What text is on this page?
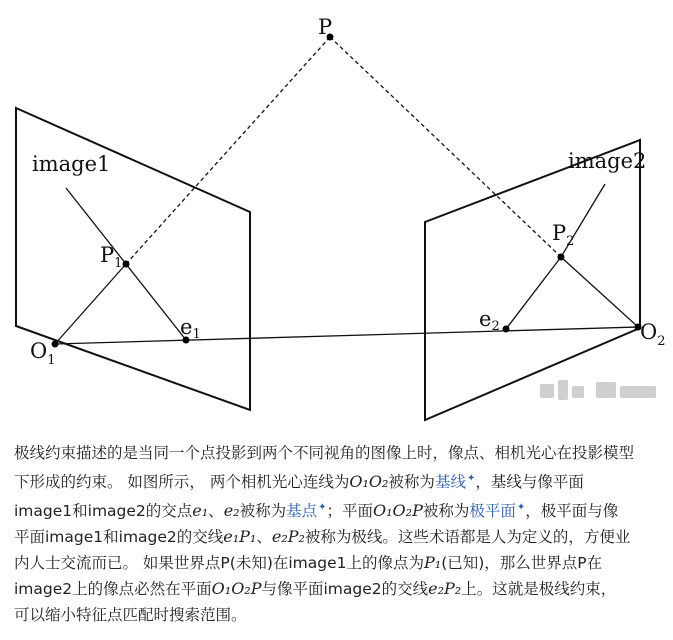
P
image1	image2
$P_1$
$P_2$
$e_1$
$e_2$
$O_1$
$O_2$
极线约束描述的是当同一个点投影到两个不同视角的图像上时，像点、相机光心在投影模型
下形成的约束。 如图所示， 两个相机光心连线为O₁O₂被称为基线✦，基线与像平面
image1和image2的交点e₁、e₂被称为基点✦；平面O₁O₂P被称为极平面✦，极平面与像
平面image1和image2的交线e₁P₁、e₂P₂被称为极线。这些术语都是人为定义的，方便业
内人士交流而已。 如果世界点P(未知)在image1上的像点为P₁(已知)，那么世界点P在
image2上的像点必然在平面O₁O₂P与像平面image2的交线e₂P₂上。这就是极线约束，
可以缩小特征点匹配时搜索范围。
